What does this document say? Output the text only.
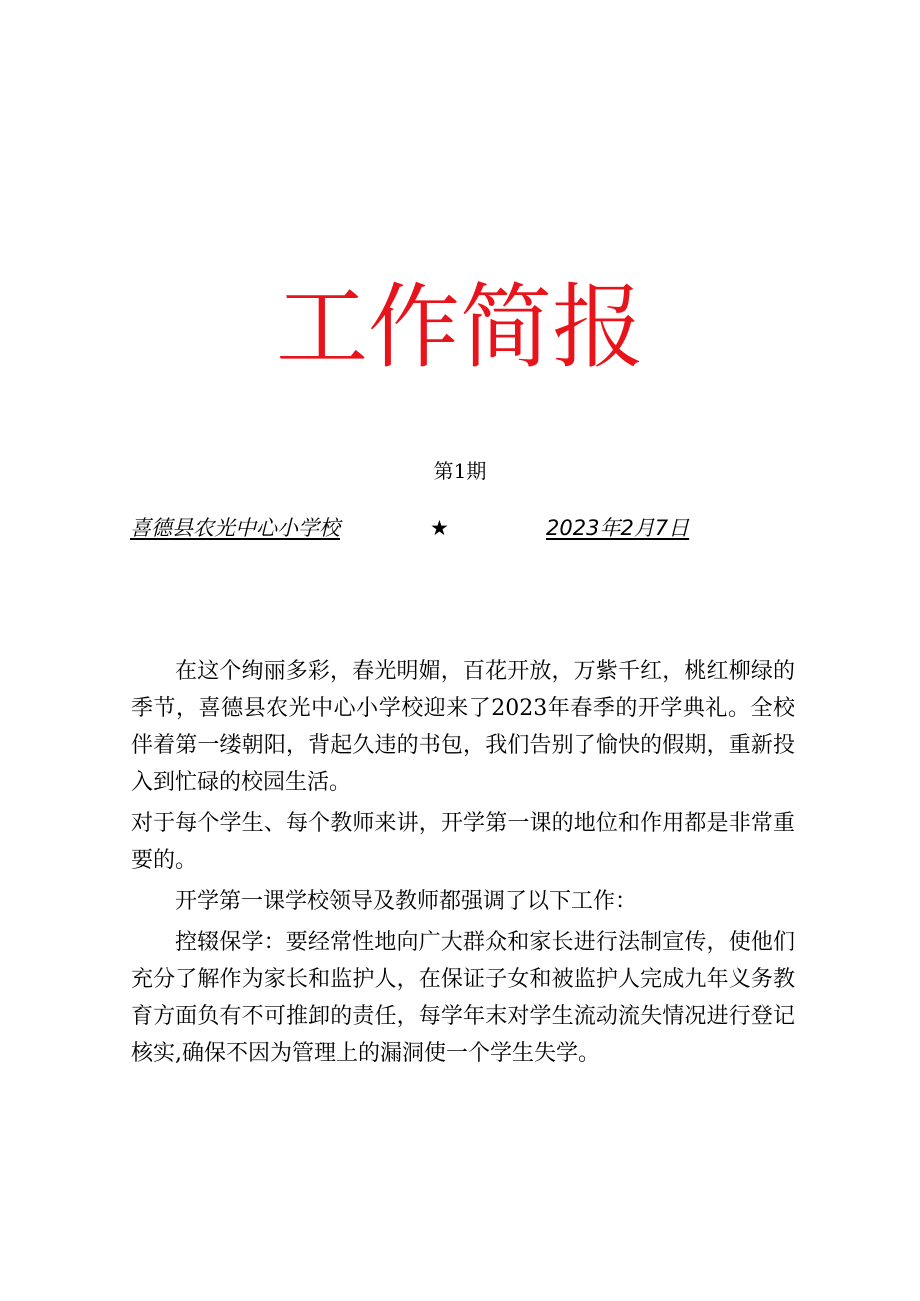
工作简报
第1期
喜德县农光中心小学校	★	2023年2月7日

在这个绚丽多彩，春光明媚，百花开放，万紫千红，桃红柳绿的季节，喜德县农光中心小学校迎来了2023年春季的开学典礼。全校伴着第一缕朝阳，背起久违的书包，我们告别了愉快的假期，重新投入到忙碌的校园生活。

对于每个学生、每个教师来讲，开学第一课的地位和作用都是非常重要的。

开学第一课学校领导及教师都强调了以下工作：

控辍保学：要经常性地向广大群众和家长进行法制宣传，使他们充分了解作为家长和监护人，在保证子女和被监护人完成九年义务教育方面负有不可推卸的责任，每学年末对学生流动流失情况进行登记核实,确保不因为管理上的漏洞使一个学生失学。
